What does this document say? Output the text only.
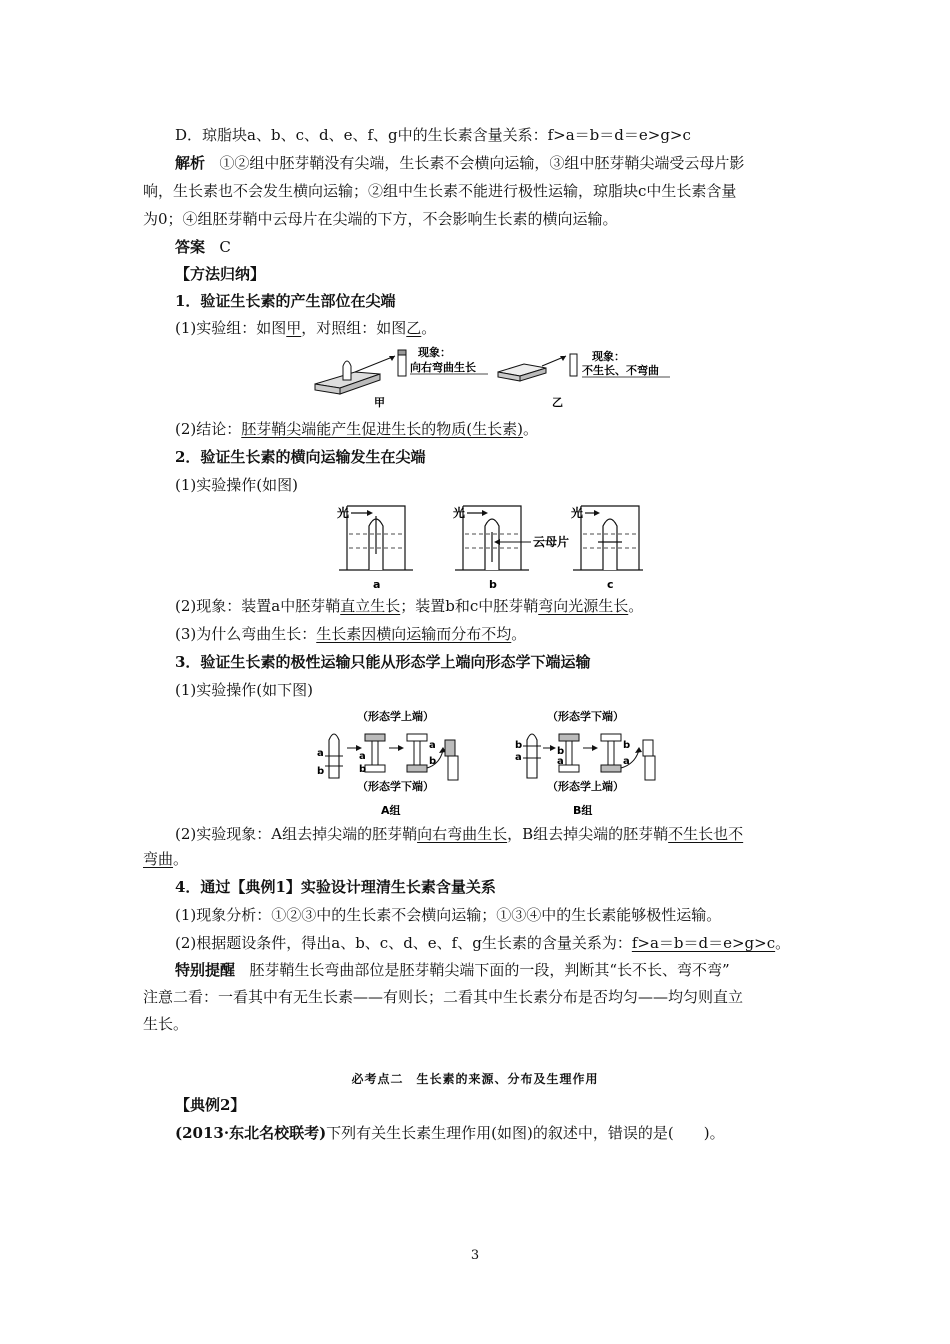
D．琼脂块a、b、c、d、e、f、g中的生长素含量关系：f>a＝b＝d＝e>g>c
解析 ①②组中胚芽鞘没有尖端，生长素不会横向运输，③组中胚芽鞘尖端受云母片影
响，生长素也不会发生横向运输；②组中生长素不能进行极性运输，琼脂块c中生长素含量
为0；④组胚芽鞘中云母片在尖端的下方，不会影响生长素的横向运输。
答案 C
【方法归纳】
1．验证生长素的产生部位在尖端
(1)实验组：如图甲，对照组：如图乙。
现象：
向右弯曲生长
甲
现象：
不生长、不弯曲
乙
(2)结论：胚芽鞘尖端能产生促进生长的物质(生长素)。
2．验证生长素的横向运输发生在尖端
(1)实验操作(如图)
光
a
光
云母片
b
光
c
(2)现象：装置a中胚芽鞘直立生长；装置b和c中胚芽鞘弯向光源生长。
(3)为什么弯曲生长：生长素因横向运输而分布不均。
3．验证生长素的极性运输只能从形态学上端向形态学下端运输
(1)实验操作(如下图)
（形态学上端）
a
b
a
b
a
b
（形态学下端）
A组
（形态学下端）
b
a
b
a
b
a
（形态学上端）
B组
(2)实验现象：A组去掉尖端的胚芽鞘向右弯曲生长，B组去掉尖端的胚芽鞘不生长也不
弯曲。
4．通过【典例1】实验设计理清生长素含量关系
(1)现象分析：①②③中的生长素不会横向运输；①③④中的生长素能够极性运输。
(2)根据题设条件，得出a、b、c、d、e、f、g生长素的含量关系为：f>a＝b＝d＝e>g>c。
特别提醒 胚芽鞘生长弯曲部位是胚芽鞘尖端下面的一段，判断其“长不长、弯不弯”
注意二看：一看其中有无生长素——有则长；二看其中生长素分布是否均匀——均匀则直立
生长。
必考点二　生长素的来源、分布及生理作用
【典例2】
(2013·东北名校联考)下列有关生长素生理作用(如图)的叙述中，错误的是(　　)。
3
